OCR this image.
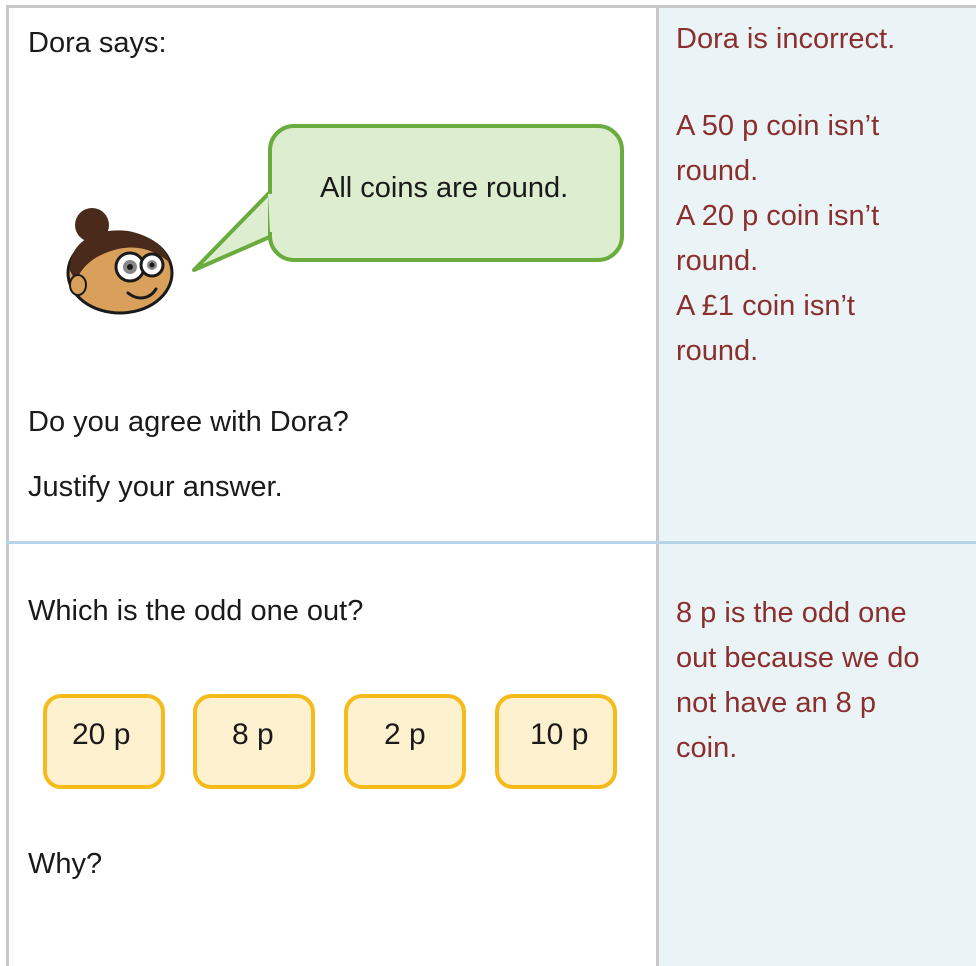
Dora says:
All coins are round.
Do you agree with Dora?
Justify your answer.
Dora is incorrect.
A 50 p coin isn’t
round.
A 20 p coin isn’t
round.
A £1 coin isn’t
round.
Which is the odd one out?
20 p	8 p	2 p	10 p
Why?
8 p is the odd one
out because we do
not have an 8 p
coin.
